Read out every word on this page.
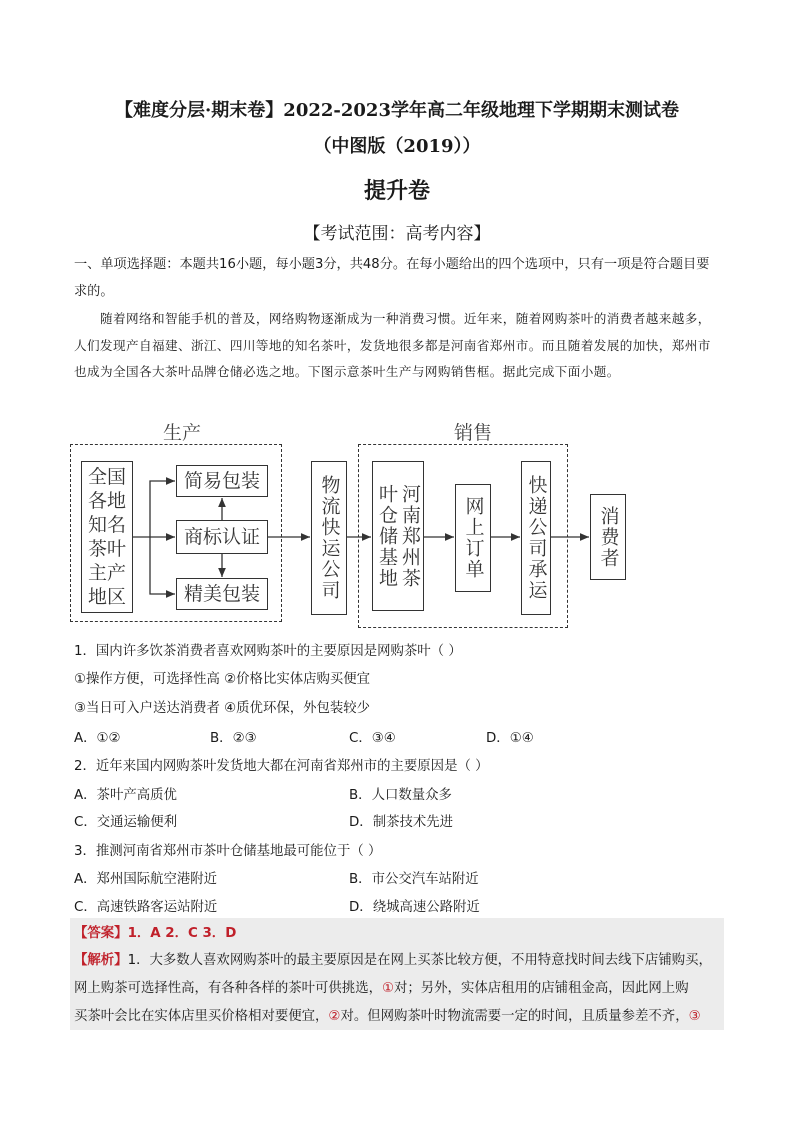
【难度分层·期末卷】2022-2023学年高二年级地理下学期期末测试卷
（中图版（2019））
提升卷
【考试范围：高考内容】
一、单项选择题：本题共16小题，每小题3分，共48分。在每小题给出的四个选项中，只有一项是符合题目要求的。
随着网络和智能手机的普及，网络购物逐渐成为一种消费习惯。近年来，随着网购茶叶的消费者越来越多，人们发现产自福建、浙江、四川等地的知名茶叶，发货地很多都是河南省郑州市。而且随着发展的加快，郑州市也成为全国各大茶叶品牌仓储必选之地。下图示意茶叶生产与网购销售框。据此完成下面小题。
生产	销售
全国各地知名茶叶主产地区
简易包装
商标认证
精美包装	物流快运公司	河南郑州茶叶仓储基地	网上订单 快递公司承运	消费者
1．国内许多饮茶消费者喜欢网购茶叶的主要原因是网购茶叶（ ）
①操作方便，可选择性高 ②价格比实体店购买便宜
③当日可入户送达消费者 ④质优环保，外包装较少
A．①②	B．②③	C．③④	D．①④
2．近年来国内网购茶叶发货地大都在河南省郑州市的主要原因是（ ）
A．茶叶产高质优	B．人口数量众多
C．交通运输便利	D．制茶技术先进
3．推测河南省郑州市茶叶仓储基地最可能位于（ ）
A．郑州国际航空港附近	B．市公交汽车站附近
C．高速铁路客运站附近	D．绕城高速公路附近
【答案】1．A 2．C 3．D
【解析】1．大多数人喜欢网购茶叶的最主要原因是在网上买茶比较方便，不用特意找时间去线下店铺购买，
网上购茶可选择性高，有各种各样的茶叶可供挑选，①对；另外，实体店租用的店铺租金高，因此网上购
买茶叶会比在实体店里买价格相对要便宜，②对。但网购茶叶时物流需要一定的时间，且质量参差不齐，③
